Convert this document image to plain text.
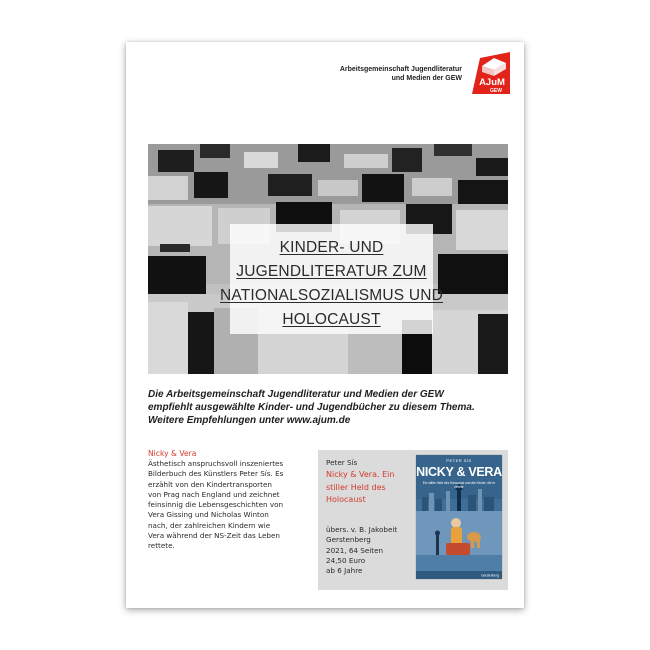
Arbeitsgemeinschaft Jugendliteratur
und Medien der GEW AJuM
GEW
KINDER- UND
JUGENDLITERATUR ZUM
NATIONALSOZIALISMUS UND
HOLOCAUST
Die Arbeitsgemeinschaft Jugendliteratur und Medien der GEW
empfiehlt ausgewählte Kinder- und Jugendbücher zu diesem Thema.
Weitere Empfehlungen unter www.ajum.de
Nicky & Vera
Ästhetisch anspruchsvoll inszeniertes
Bilderbuch des Künstlers Peter Sís. Es
erzählt von den Kindertransporten
von Prag nach England und zeichnet
feinsinnig die Lebensgeschichten von
Vera Gissing und Nicholas Winton
nach, der zahlreichen Kindern wie
Vera während der NS-Zeit das Leben
rettete.
Peter Sís
Nicky & Vera. Ein stiller Held des Holocaust
übers. v. B. Jakobeit
Gerstenberg
2021, 64 Seiten
24,50 Euro
ab 6 Jahre
Gerstenberg
PETER SÍS
NICKY & VERA
Ein stiller Held des Holocaust und die Kinder, die er rettete
